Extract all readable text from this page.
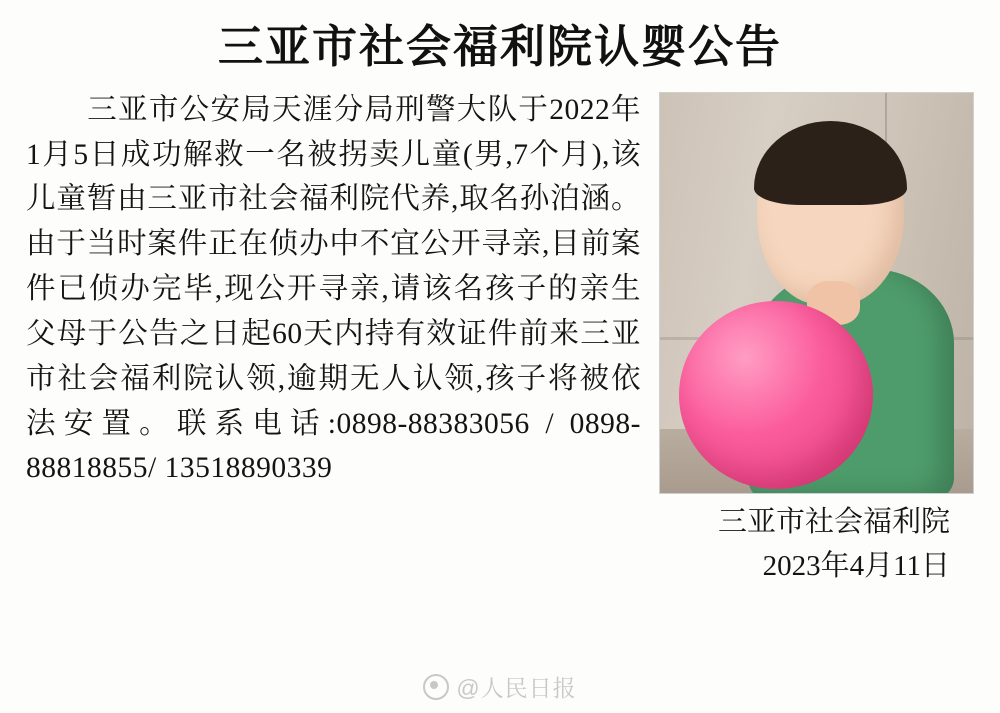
三亚市社会福利院认婴公告
三亚市公安局天涯分局刑警大队于2022年1月5日成功解救一名被拐卖儿童(男,7个月),该儿童暂由三亚市社会福利院代养,取名孙泊涵。由于当时案件正在侦办中不宜公开寻亲,目前案件已侦办完毕,现公开寻亲,请该名孩子的亲生父母于公告之日起60天内持有效证件前来三亚市社会福利院认领,逾期无人认领,孩子将被依法安置。联系电话:0898-88383056 / 0898-88818855/ 13518890339
三亚市社会福利院
2023年4月11日
@人民日报
